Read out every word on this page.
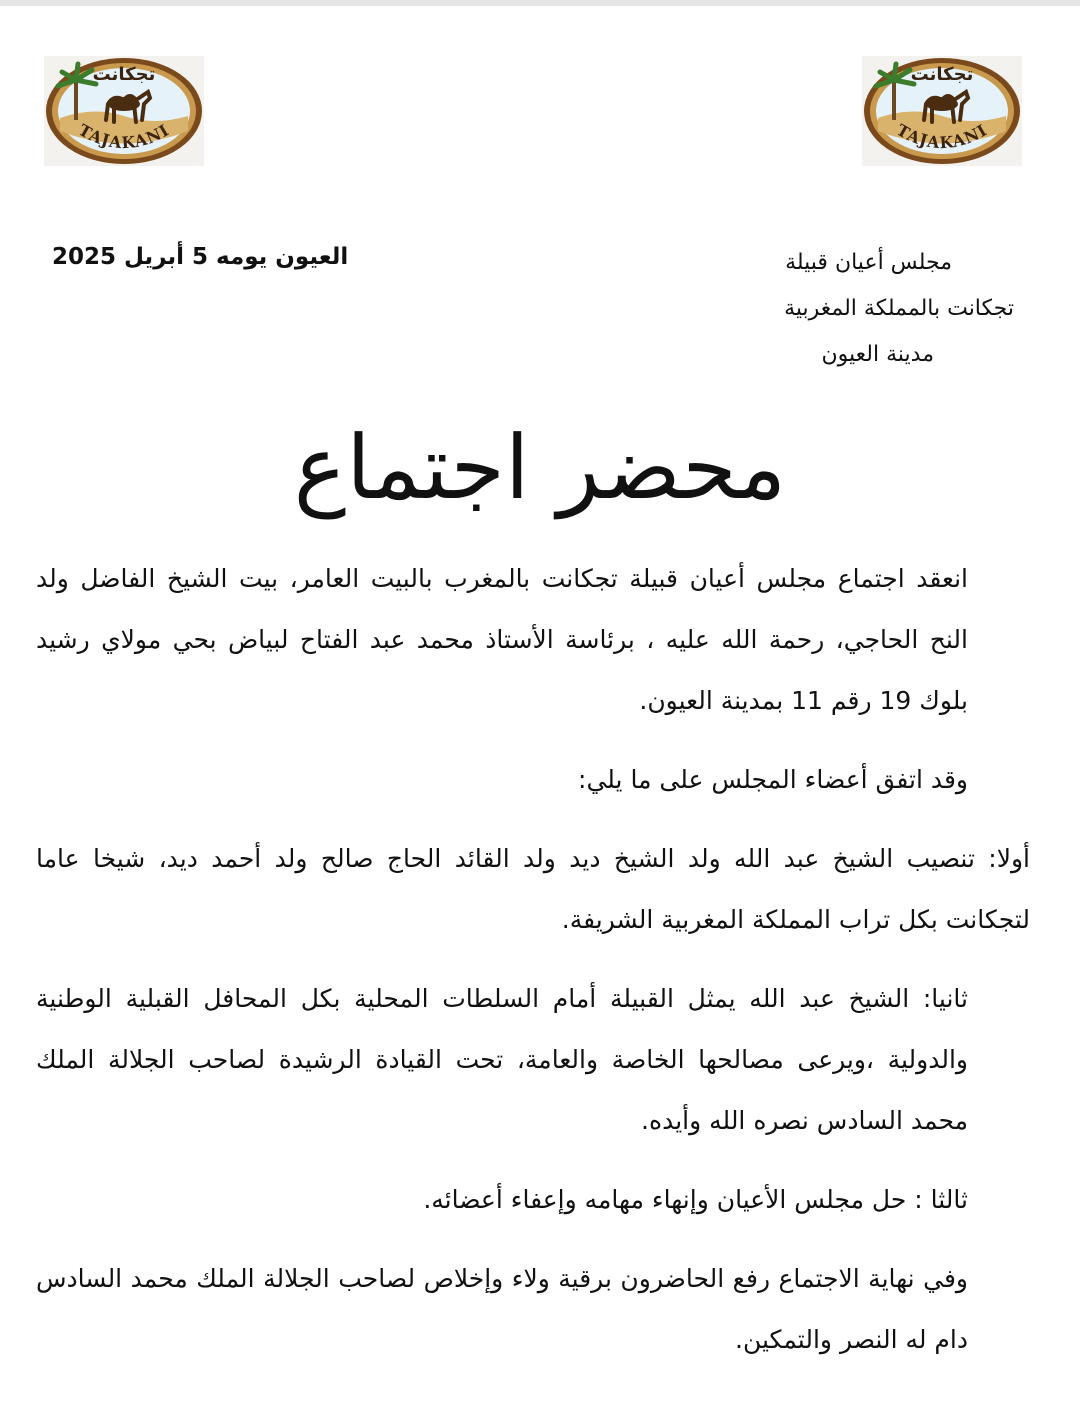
تجكانت
TAJAKANI
تجكانت
TAJAKANI
العيون يومه 5 أبريل 2025	مجلس أعيان قبيلة
تجكانت بالمملكة المغربية
مدينة العيون
محضر اجتماع

انعقد اجتماع مجلس أعيان قبيلة تجكانت بالمغرب بالبيت العامر، بيت الشيخ الفاضل ولد النح الحاجي، رحمة الله عليه ، برئاسة الأستاذ محمد عبد الفتاح لبياض بحي مولاي رشيد بلوك 19 رقم 11 بمدينة العيون.

وقد اتفق أعضاء المجلس على ما يلي:

أولا: تنصيب الشيخ عبد الله ولد الشيخ ديد ولد القائد الحاج صالح ولد أحمد ديد، شيخا عاما لتجكانت بكل تراب المملكة المغربية الشريفة.

ثانيا: الشيخ عبد الله يمثل القبيلة أمام السلطات المحلية بكل المحافل القبلية الوطنية والدولية ،ويرعى مصالحها الخاصة والعامة، تحت القيادة الرشيدة لصاحب الجلالة الملك محمد السادس نصره الله وأيده.

ثالثا : حل مجلس الأعيان وإنهاء مهامه وإعفاء أعضائه.

وفي نهاية الاجتماع رفع الحاضرون برقية ولاء وإخلاص لصاحب الجلالة الملك محمد السادس دام له النصر والتمكين.
